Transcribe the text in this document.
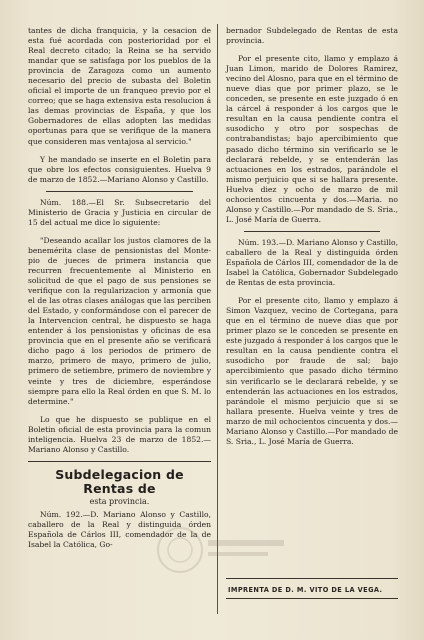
tantes de dicha franquicia, y la cesacion de esta fué acordada con posterioridad por el Real decreto citado; la Reina se ha servido mandar que se satisfaga por los pueblos de la provincia de Zaragoza como un aumento necesario del precio de subasta del Boletin oficial el importe de un franqueo previo por el correo; que se haga extensiva esta resolucion á las demas provincias de España, y que los Gobernadores de ellas adopten las medidas oportunas para que se verifique de la manera que consideren mas ventajosa al servicio."

Y he mandado se inserte en el Boletin para que obre los efectos consiguientes. Huelva 9 de marzo de 1852.—Mariano Alonso y Castillo.

Núm. 188.—El Sr. Subsecretario del Ministerio de Gracia y Justicia en circular de 15 del actual me dice lo siguiente:

"Deseando acallar los justos clamores de la benemérita clase de pensionistas del Monte-pio de jueces de primera instancia que recurren frecuentemente al Ministerio en solicitud de que el pago de sus pensiones se verifique con la regularizacion y armonía que el de las otras clases análogas que las perciben del Estado, y conformándose con el parecer de la Intervencion central, he dispuesto se haga entender á los pensionistas y oficinas de esa provincia que en el presente año se verificará dicho pago á los periodos de primero de marzo, primero de mayo, primero de julio, primero de setiembre, primero de noviembre y veinte y tres de diciembre, esperándose siempre para ello la Real órden en que S. M. lo determine."

Lo que he dispuesto se publique en el Boletin oficial de esta provincia para la comun inteligencia. Huelva 23 de marzo de 1852.—Mariano Alonso y Castillo.

Subdelegacion de Rentas de
esta provincia.

Núm. 192.—D. Mariano Alonso y Castillo, caballero de la Real y distinguida órden Española de Cárlos III, comendador de la de Isabel la Católica, Go-

bernador Subdelegado de Rentas de esta provincia.

Por el presente cito, llamo y emplazo á Juan Limon, marido de Dolores Ramirez, vecino del Alosno, para que en el término de nueve dias que por primer plazo, se le conceden, se presente en este juzgado ó en la cárcel á responder á los cargos que le resultan en la causa pendiente contra el susodicho y otro por sospechas de contrabandistas; bajo apercibimiento que pasado dicho término sin verificarlo se le declarará rebelde, y se entenderán las actuaciones en los estrados, parándole el mismo perjuicio que si se hallara presente. Huelva diez y ocho de marzo de mil ochocientos cincuenta y dos.—Maria. no Alonso y Castillo.—Por mandado de S. Sria., L. José María de Guerra.

Núm. 193.—D. Mariano Alonso y Castillo, caballero de la Real y distinguida órden Española de Cárlos III, comendador de la de Isabel la Católica, Gobernador Subdelegado de Rentas de esta provincia.

Por el presente cito, llamo y emplazo á Simon Vazquez, vecino de Cortegana, para que en el término de nueve dias que por primer plazo se le conceden se presente en este juzgado á responder á los cargos que le resultan en la causa pendiente contra el susodicho por fraude de sal; bajo apercibimiento que pasado dicho término sin verificarlo se le declarará rebelde, y se entenderán las actuaciones en los estrados, parándole el mismo perjuicio que si se hallara presente. Huelva veinte y tres de marzo de mil ochocientos cincuenta y dos.—Mariano Alonso y Castillo.—Por mandado de S. Sria., L. José María de Guerra.

IMPRENTA DE D. M. VITO DE LA VEGA.
